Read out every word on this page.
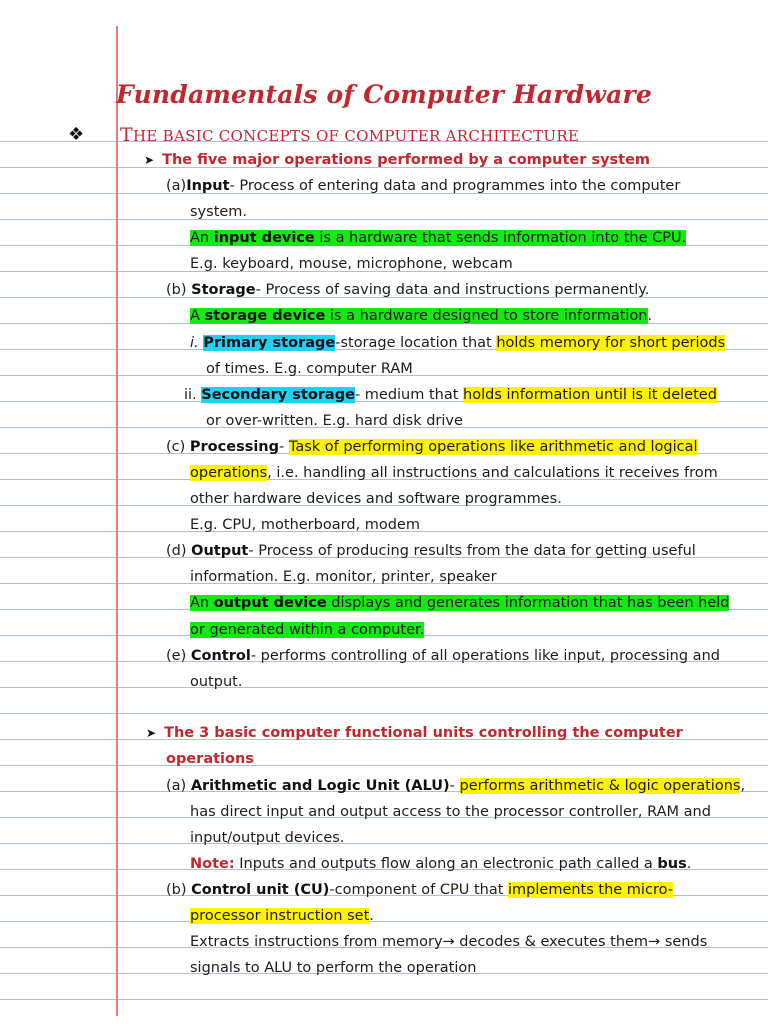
Fundamentals of Computer Hardware
❖ THE BASIC CONCEPTS OF COMPUTER ARCHITECTURE
➤ The five major operations performed by a computer system
(a)Input- Process of entering data and programmes into the computer
system.
An input device is a hardware that sends information into the CPU.
E.g. keyboard, mouse, microphone, webcam
(b) Storage- Process of saving data and instructions permanently.
A storage device is a hardware designed to store information.
i. Primary storage-storage location that holds memory for short periods
of times. E.g. computer RAM
ii. Secondary storage- medium that holds information until is it deleted
or over-written. E.g. hard disk drive
(c) Processing- Task of performing operations like arithmetic and logical
operations, i.e. handling all instructions and calculations it receives from
other hardware devices and software programmes.
E.g. CPU, motherboard, modem
(d) Output- Process of producing results from the data for getting useful
information. E.g. monitor, printer, speaker
An output device displays and generates information that has been held
or generated within a computer.
(e) Control- performs controlling of all operations like input, processing and
output.
➤ The 3 basic computer functional units controlling the computer
operations
(a) Arithmetic and Logic Unit (ALU)- performs arithmetic & logic operations,
has direct input and output access to the processor controller, RAM and
input/output devices.
Note: Inputs and outputs flow along an electronic path called a bus.
(b) Control unit (CU)-component of CPU that implements the micro-
processor instruction set.
Extracts instructions from memory→ decodes & executes them→ sends
signals to ALU to perform the operation
